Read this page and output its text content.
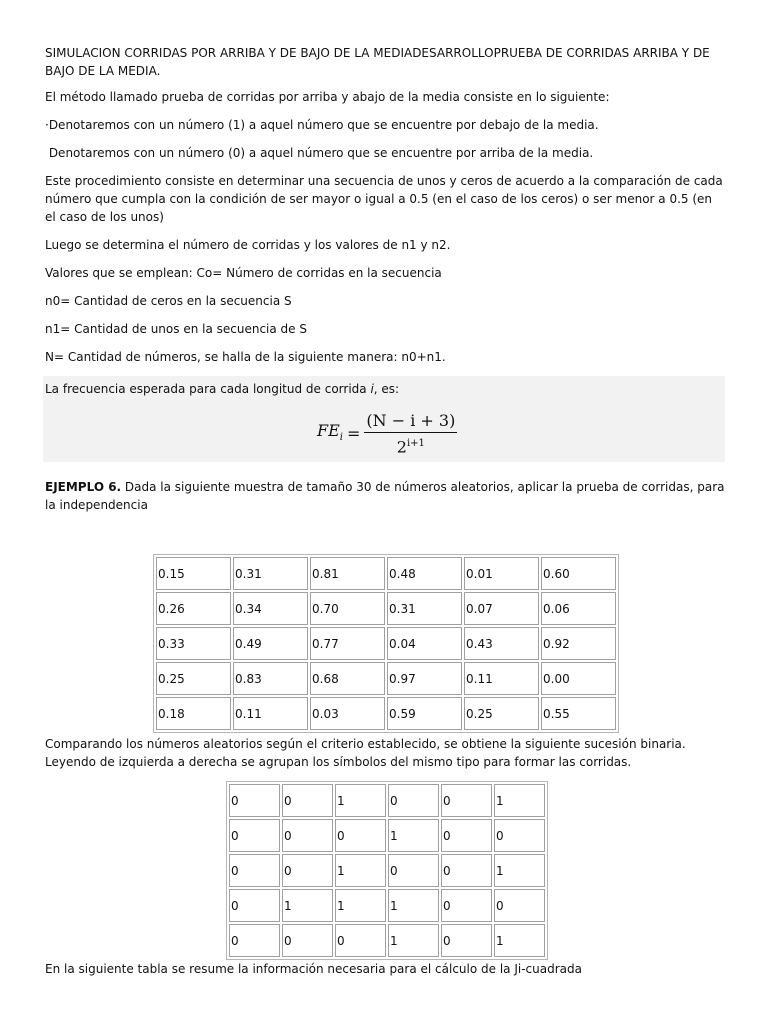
SIMULACION CORRIDAS POR ARRIBA Y DE BAJO DE LA MEDIADESARROLLOPRUEBA DE CORRIDAS ARRIBA Y DE BAJO DE LA MEDIA.

El método llamado prueba de corridas por arriba y abajo de la media consiste en lo siguiente:

·Denotaremos con un número (1) a aquel número que se encuentre por debajo de la media.

Denotaremos con un número (0) a aquel número que se encuentre por arriba de la media.

Este procedimiento consiste en determinar una secuencia de unos y ceros de acuerdo a la comparación de cada número que cumpla con la condición de ser mayor o igual a 0.5 (en el caso de los ceros) o ser menor a 0.5 (en el caso de los unos)

Luego se determina el número de corridas y los valores de n1 y n2.

Valores que se emplean: Co= Número de corridas en la secuencia

n0= Cantidad de ceros en la secuencia S

n1= Cantidad de unos en la secuencia de S

N= Cantidad de números, se halla de la siguiente manera: n0+n1.

La frecuencia esperada para cada longitud de corrida i, es:
$FE_i = \frac{(N - i + 3)}{2^{i+1}}$

EJEMPLO 6. Dada la siguiente muestra de tamaño 30 de números aleatorios, aplicar la prueba de corridas, para la independencia

0.15	0.31	0.81	0.48	0.01	0.60
0.26	0.34	0.70	0.31	0.07	0.06
0.33	0.49	0.77	0.04	0.43	0.92
0.25	0.83	0.68	0.97	0.11	0.00
0.18	0.11	0.03	0.59	0.25	0.55

Comparando los números aleatorios según el criterio establecido, se obtiene la siguiente sucesión binaria. Leyendo de izquierda a derecha se agrupan los símbolos del mismo tipo para formar las corridas.

0	0	1	0	0	1
0	0	0	1	0	0
0	0	1	0	0	1
0	1	1	1	0	0
0	0	0	1	0	1

En la siguiente tabla se resume la información necesaria para el cálculo de la Ji-cuadrada
